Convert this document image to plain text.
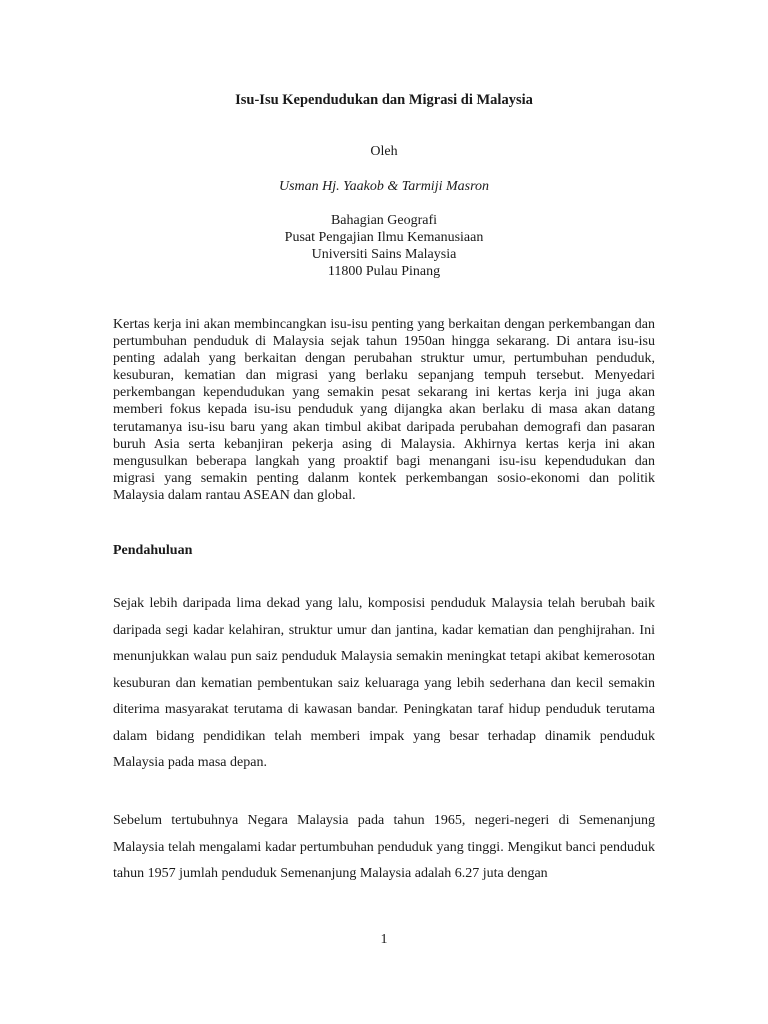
Isu-Isu Kependudukan dan Migrasi di Malaysia
Oleh
Usman Hj. Yaakob & Tarmiji Masron
Bahagian Geografi
Pusat Pengajian Ilmu Kemanusiaan
Universiti Sains Malaysia
11800 Pulau Pinang
Kertas kerja ini akan membincangkan isu-isu penting yang berkaitan dengan perkembangan dan pertumbuhan penduduk di Malaysia sejak tahun 1950an hingga sekarang. Di antara isu-isu penting adalah yang berkaitan dengan perubahan struktur umur, pertumbuhan penduduk, kesuburan, kematian dan migrasi yang berlaku sepanjang tempuh tersebut. Menyedari perkembangan kependudukan yang semakin pesat sekarang ini kertas kerja ini juga akan memberi fokus kepada isu-isu penduduk yang dijangka akan berlaku di masa akan datang terutamanya isu-isu baru yang akan timbul akibat daripada perubahan demografi dan pasaran buruh Asia serta kebanjiran pekerja asing di Malaysia. Akhirnya kertas kerja ini akan mengusulkan beberapa langkah yang proaktif bagi menangani isu-isu kependudukan dan migrasi yang semakin penting dalanm kontek perkembangan sosio-ekonomi dan politik Malaysia dalam rantau ASEAN dan global.
Pendahuluan
Sejak lebih daripada lima dekad yang lalu, komposisi penduduk Malaysia telah berubah baik daripada segi kadar kelahiran, struktur umur dan jantina, kadar kematian dan penghijrahan. Ini menunjukkan walau pun saiz penduduk Malaysia semakin meningkat tetapi akibat kemerosotan kesuburan dan kematian pembentukan saiz keluaraga yang lebih sederhana dan kecil semakin diterima masyarakat terutama di kawasan bandar. Peningkatan taraf hidup penduduk terutama dalam bidang pendidikan telah memberi impak yang besar terhadap dinamik penduduk Malaysia pada masa depan.
Sebelum tertubuhnya Negara Malaysia pada tahun 1965, negeri-negeri di Semenanjung Malaysia telah mengalami kadar pertumbuhan penduduk yang tinggi. Mengikut banci penduduk tahun 1957 jumlah penduduk Semenanjung Malaysia adalah 6.27 juta dengan
1
